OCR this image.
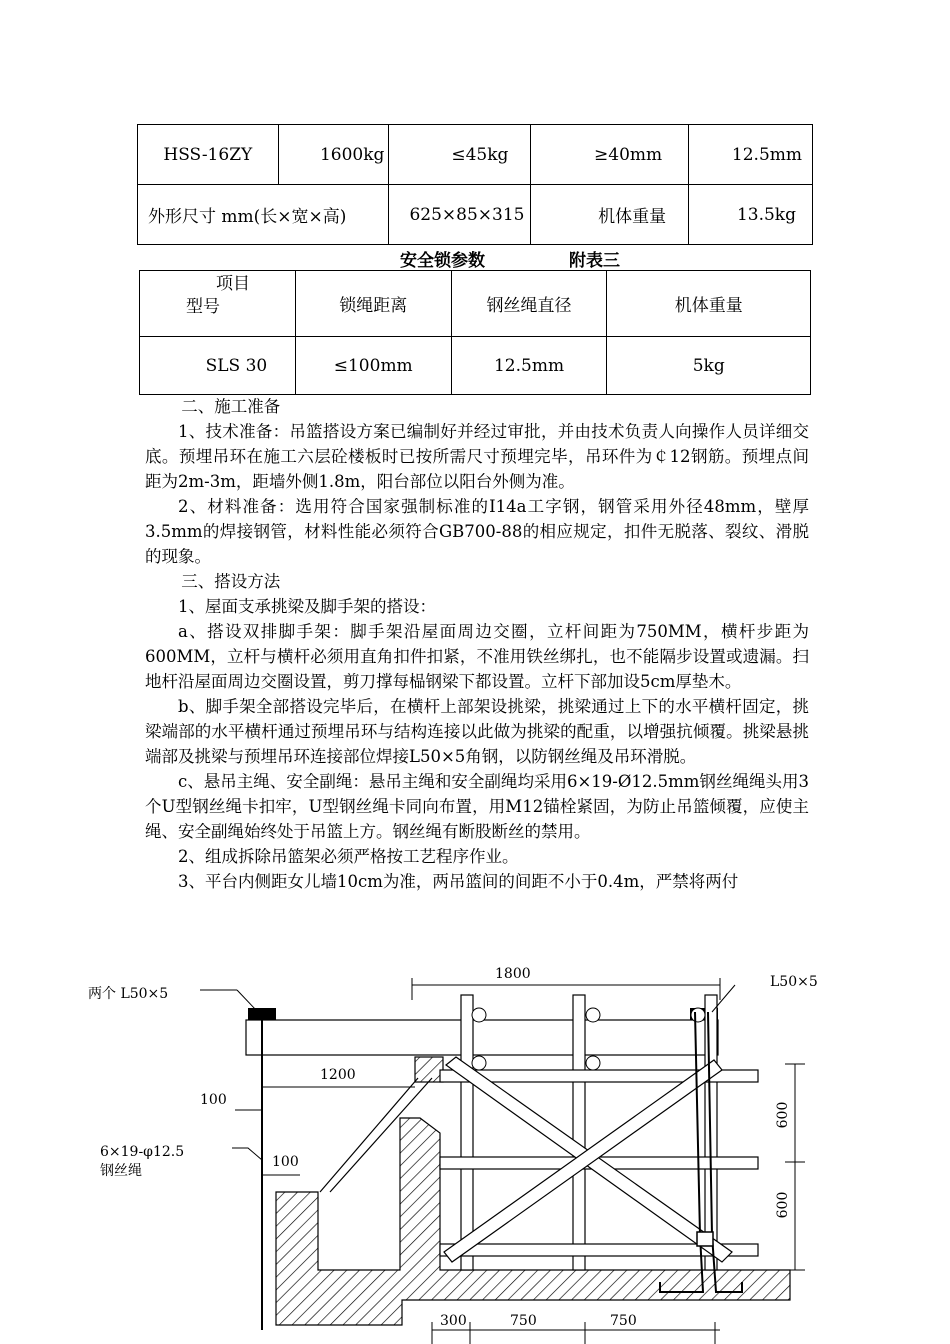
HSS-16ZY	1600kg	≤45kg	≥40mm	12.5mm
外形尺寸 mm(长×宽×高)		625×85×315	机体重量	13.5kg
安全锁参数	附表三
项目
型号	锁绳距离	钢丝绳直径	机体重量
SLS 30	≤100mm	12.5mm	5kg

二、施工准备

1、技术准备：吊篮搭设方案已编制好并经过审批，并由技术负责人向操作人员详细交底。预埋吊环在施工六层砼楼板时已按所需尺寸预埋完毕，吊环件为￠12钢筋。预埋点间距为2m-3m，距墙外侧1.8m，阳台部位以阳台外侧为准。

2、材料准备：选用符合国家强制标准的I14a工字钢，钢管采用外径48mm，壁厚3.5mm的焊接钢管，材料性能必须符合GB700-88的相应规定，扣件无脱落、裂纹、滑脱的现象。

三、搭设方法

1、屋面支承挑梁及脚手架的搭设：

a、搭设双排脚手架：脚手架沿屋面周边交圈，立杆间距为750MM，横杆步距为600MM，立杆与横杆必须用直角扣件扣紧，不准用铁丝绑扎，也不能隔步设置或遗漏。扫地杆沿屋面周边交圈设置，剪刀撑每榀钢梁下都设置。立杆下部加设5cm厚垫木。

b、脚手架全部搭设完毕后，在横杆上部架设挑梁，挑梁通过上下的水平横杆固定，挑梁端部的水平横杆通过预埋吊环与结构连接以此做为挑梁的配重，以增强抗倾覆。挑梁悬挑端部及挑梁与预埋吊环连接部位焊接L50×5角钢，以防钢丝绳及吊环滑脱。

c、悬吊主绳、安全副绳：悬吊主绳和安全副绳均采用6×19-Ø12.5mm钢丝绳绳头用3个U型钢丝绳卡扣牢，U型钢丝绳卡同向布置，用M12锚栓紧固，为防止吊篮倾覆，应使主绳、安全副绳始终处于吊篮上方。钢丝绳有断股断丝的禁用。

2、组成拆除吊篮架必须严格按工艺程序作业。

3、平台内侧距女儿墙10cm为准，两吊篮间的间距不小于0.4m，严禁将两付

1800
1200
100
100
600
600
300	750	750
两个 L50×5
L50×5
6×19-φ12.5
钢丝绳
